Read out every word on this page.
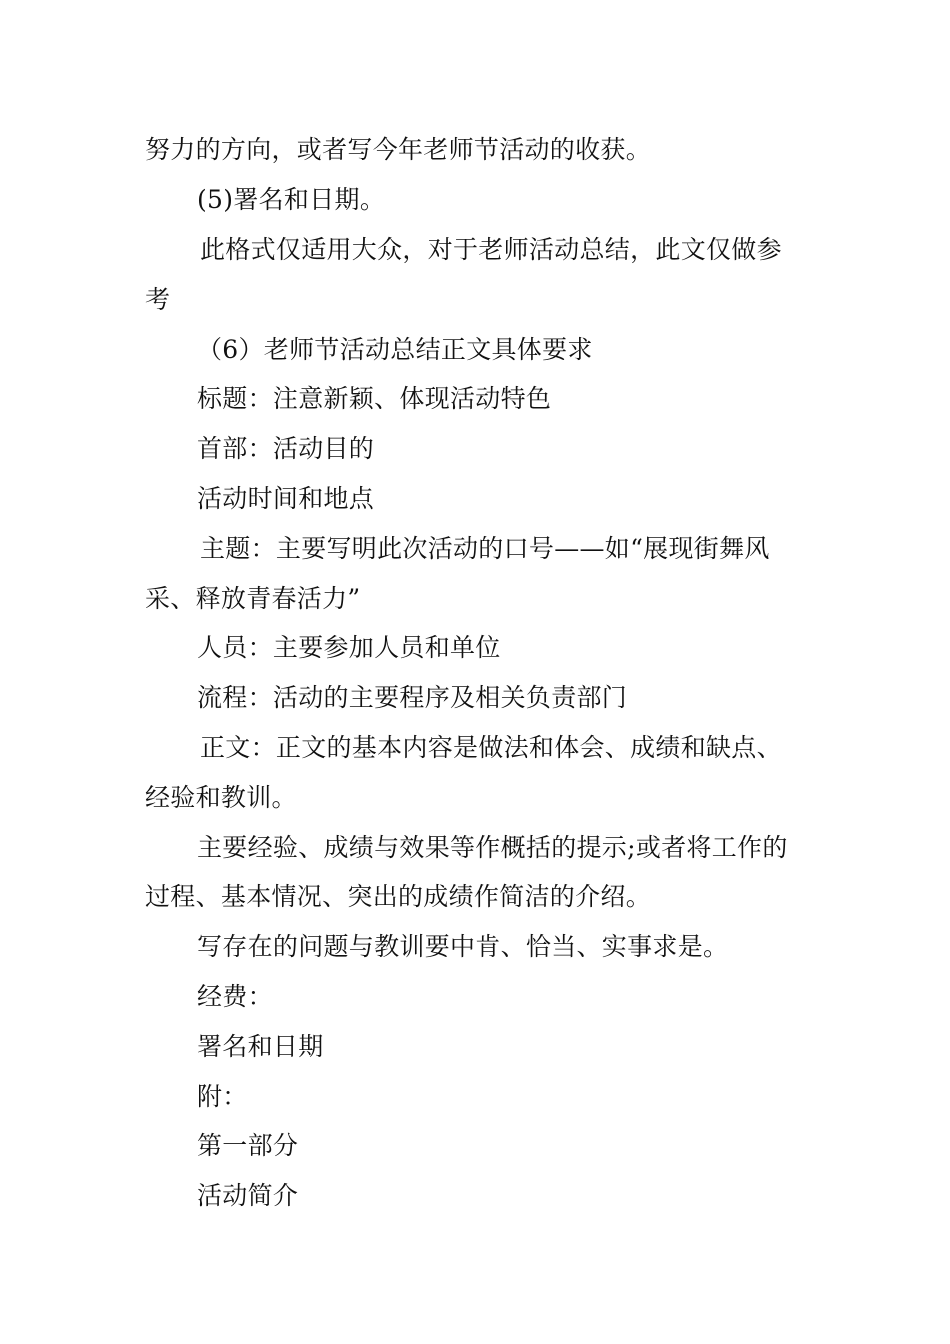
努力的方向，或者写今年老师节活动的收获。
(5)署名和日期。
此格式仅适用大众，对于老师活动总结，此文仅做参
考
（6）老师节活动总结正文具体要求
标题：注意新颖、体现活动特色
首部：活动目的
活动时间和地点
主题：主要写明此次活动的口号——如“展现街舞风
采、释放青春活力”
人员：主要参加人员和单位
流程：活动的主要程序及相关负责部门
正文：正文的基本内容是做法和体会、成绩和缺点、
经验和教训。
主要经验、成绩与效果等作概括的提示;或者将工作的
过程、基本情况、突出的成绩作简洁的介绍。
写存在的问题与教训要中肯、恰当、实事求是。
经费：
署名和日期
附：
第一部分
活动简介
